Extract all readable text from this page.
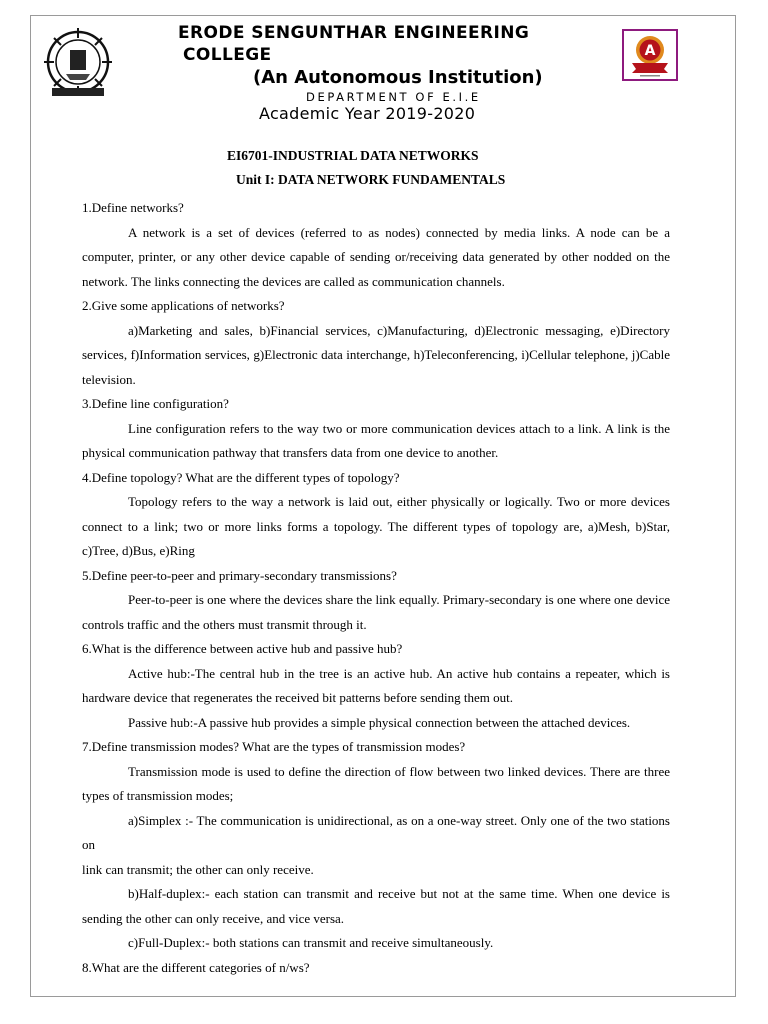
A
ERODE SENGUNTHAR ENGINEERING
COLLEGE
(An Autonomous Institution)
DEPARTMENT OF E.I.E
Academic Year 2019-2020
EI6701-INDUSTRIAL DATA NETWORKS
Unit I: DATA NETWORK FUNDAMENTALS

1.Define networks?

A network is a set of devices (referred to as nodes) connected by media links. A node can be a computer, printer, or any other device capable of sending or/receiving data generated by other nodded on the network. The links connecting the devices are called as communication channels.

2.Give some applications of networks?

a)Marketing and sales, b)Financial services, c)Manufacturing, d)Electronic messaging, e)Directory services, f)Information services, g)Electronic data interchange, h)Teleconferencing, i)Cellular telephone, j)Cable television.

3.Define line configuration?

Line configuration refers to the way two or more communication devices attach to a link. A link is the physical communication pathway that transfers data from one device to another.

4.Define topology? What are the different types of topology?

Topology refers to the way a network is laid out, either physically or logically. Two or more devices connect to a link; two or more links forms a topology. The different types of topology are, a)Mesh, b)Star, c)Tree, d)Bus, e)Ring

5.Define peer-to-peer and primary-secondary transmissions?

Peer-to-peer is one where the devices share the link equally. Primary-secondary is one where one device controls traffic and the others must transmit through it.

6.What is the difference between active hub and passive hub?

Active hub:-The central hub in the tree is an active hub. An active hub contains a repeater, which is hardware device that regenerates the received bit patterns before sending them out.

Passive hub:-A passive hub provides a simple physical connection between the attached devices.

7.Define transmission modes? What are the types of transmission modes?

Transmission mode is used to define the direction of flow between two linked devices. There are three types of transmission modes;

a)Simplex :- The communication is unidirectional, as on a one-way street. Only one of the two stations on

link can transmit; the other can only receive.

b)Half-duplex:- each station can transmit and receive but not at the same time. When one device is sending the other can only receive, and vice versa.

c)Full-Duplex:- both stations can transmit and receive simultaneously.

8.What are the different categories of n/ws?
